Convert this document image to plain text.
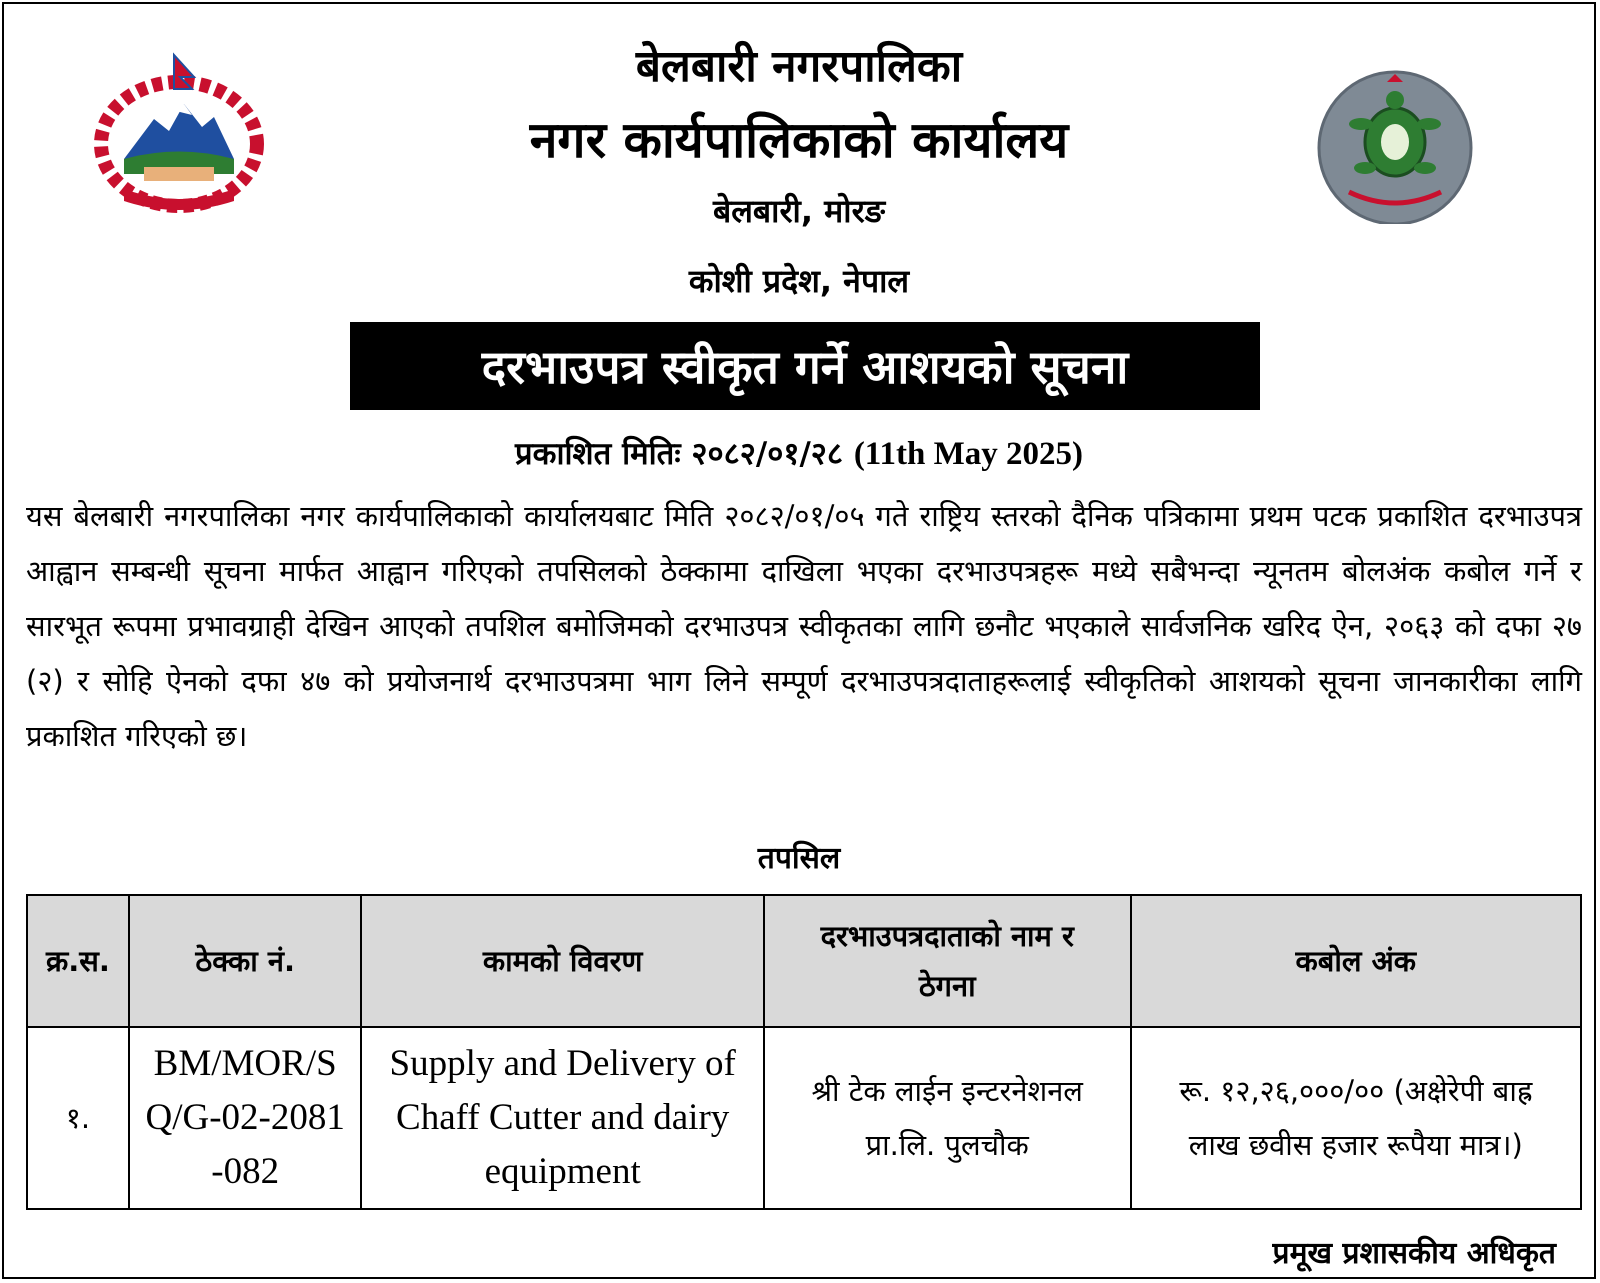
बेलबारी नगरपालिका
नगर कार्यपालिकाको कार्यालय
बेलबारी, मोरङ
कोशी प्रदेश, नेपाल
दरभाउपत्र स्वीकृत गर्ने आशयको सूचना
प्रकाशित मितिः २०८२/०१/२८ (11th May 2025)
यस बेलबारी नगरपालिका नगर कार्यपालिकाको कार्यालयबाट मिति २०८२/०१/०५ गते राष्ट्रिय स्तरको दैनिक पत्रिकामा प्रथम पटक प्रकाशित दरभाउपत्र आह्वान सम्बन्धी सूचना मार्फत आह्वान गरिएको तपसिलको ठेक्कामा दाखिला भएका दरभाउपत्रहरू मध्ये सबैभन्दा न्यूनतम बोलअंक कबोल गर्ने र सारभूत रूपमा प्रभावग्राही देखिन आएको तपशिल बमोजिमको दरभाउपत्र स्वीकृतका लागि छनौट भएकाले सार्वजनिक खरिद ऐन, २०६३ को दफा २७ (२) र सोहि ऐनको दफा ४७ को प्रयोजनार्थ दरभाउपत्रमा भाग लिने सम्पूर्ण दरभाउपत्रदाताहरूलाई स्वीकृतिको आशयको सूचना जानकारीका लागि प्रकाशित गरिएको छ।
तपसिल
क्र.स.	ठेक्का नं.	कामको विवरण	दरभाउपत्रदाताको नाम र ठेगना	कबोल अंक
१.	BM/MOR/SQ/G-02-2081-082	Supply and Delivery of Chaff Cutter and dairy equipment	श्री टेक लाईन इन्टरनेशनल प्रा.लि. पुलचौक	रू. १२,२६,०००/०० (अक्षेरेपी बाह्र लाख छवीस हजार रूपैया मात्र।)
प्रमूख प्रशासकीय अधिकृत
